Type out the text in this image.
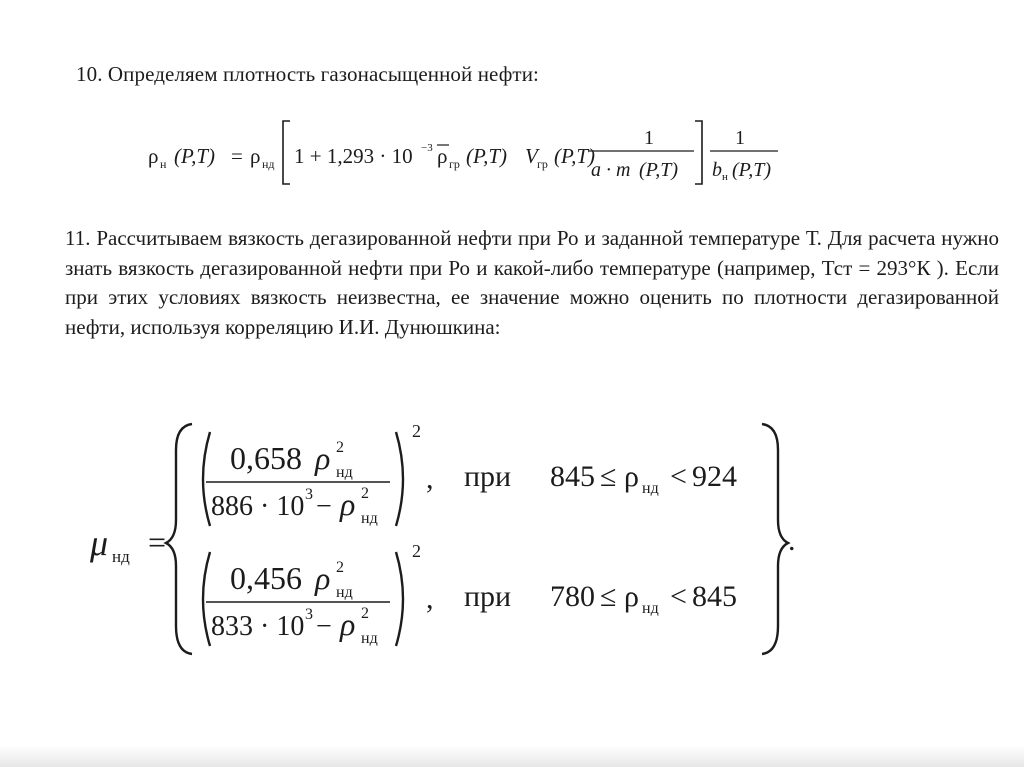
10. Определяем плотность газонасыщенной нефти:
ρ н (P,T) = ρ нд 1 + 1,293 · 10 −3 ρ гр (P,T) V гр (P,T)
1
a · m (P,T)
1
b н (P,T)
11. Рассчитываем вязкость дегазированной нефти при Ро и заданной температуре Т. Для расчета нужно знать вязкость дегазированной нефти при Ро и какой-либо температуре (например, Тст = 293°К ). Если при этих условиях вязкость неизвестна, ее значение можно оценить по плотности дегазированной нефти, используя корреляцию И.И. Дунюшкина:
μ нд =
0,658 ρ 2
нд
886 · 10 3 − ρ 2
нд
2
, при 845 ≤ ρ нд < 924
0,456 ρ 2
нд
833 · 10 3 − ρ 2
нд
2
, при 780 ≤ ρ нд < 845
.
